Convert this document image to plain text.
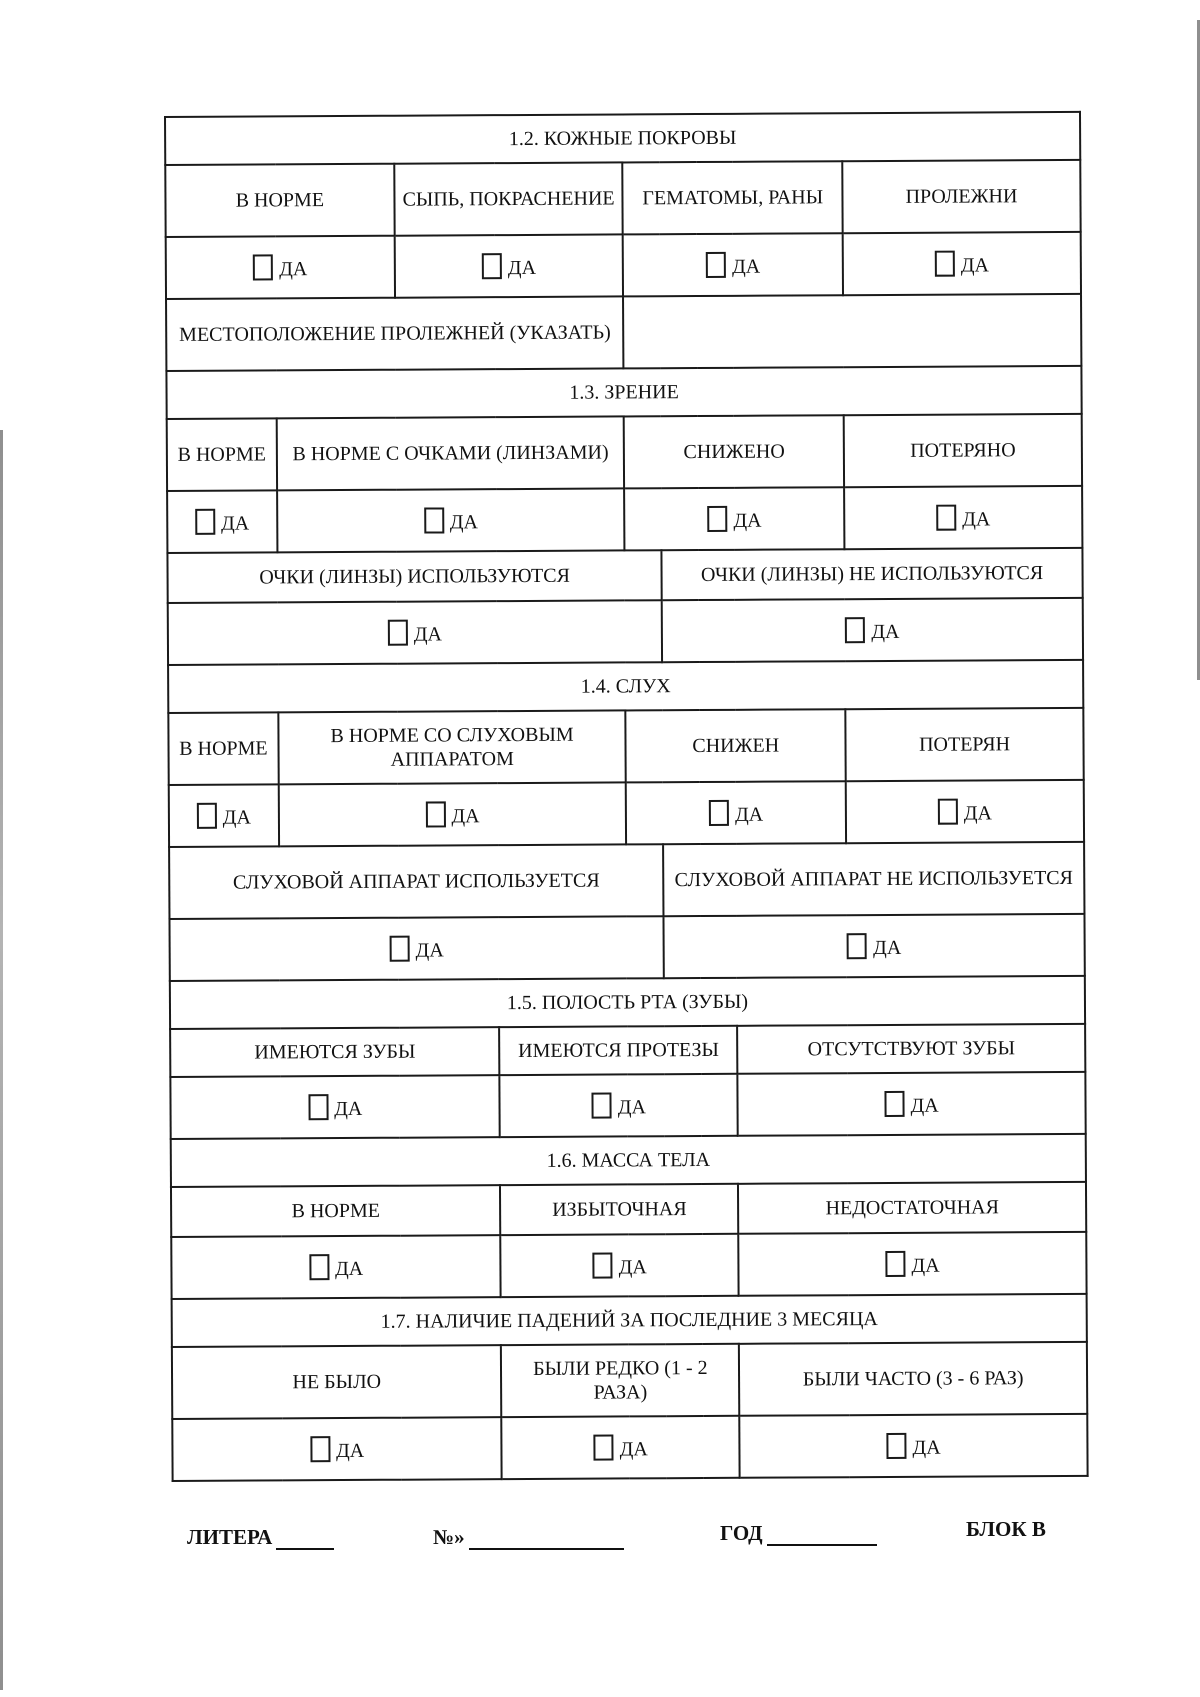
1.2. КОЖНЫЕ ПОКРОВЫ							
В НОРМЕ		СЫПЬ, ПОКРАСНЕНИЕ		ГЕМАТОМЫ, РАНЫ			ПРОЛЕЖНИ
ДА		ДА		ДА			ДА
МЕСТОПОЛОЖЕНИЕ ПРОЛЕЖНЕЙ (УКАЗАТЬ)							
1.3. ЗРЕНИЕ							
В НОРМЕ	В НОРМЕ С ОЧКАМИ (ЛИНЗАМИ)			СНИЖЕНО			ПОТЕРЯНО
ДА	ДА			ДА			ДА
ОЧКИ (ЛИНЗЫ) ИСПОЛЬЗУЮТСЯ					ОЧКИ (ЛИНЗЫ) НЕ ИСПОЛЬЗУЮТСЯ		
ДА					ДА		
1.4. СЛУХ							
В НОРМЕ	В НОРМЕ СО СЛУХОВЫМ АППАРАТОМ			СНИЖЕН			ПОТЕРЯН
ДА	ДА			ДА			ДА
СЛУХОВОЙ АППАРАТ ИСПОЛЬЗУЕТСЯ					СЛУХОВОЙ АППАРАТ НЕ ИСПОЛЬЗУЕТСЯ		
ДА					ДА		
1.5. ПОЛОСТЬ РТА (ЗУБЫ)							
ИМЕЮТСЯ ЗУБЫ			ИМЕЮТСЯ ПРОТЕЗЫ			ОТСУТСТВУЮТ ЗУБЫ	
ДА			ДА			ДА	
1.6. МАССА ТЕЛА							
В НОРМЕ			ИЗБЫТОЧНАЯ			НЕДОСТАТОЧНАЯ	
ДА			ДА			ДА	
1.7. НАЛИЧИЕ ПАДЕНИЙ ЗА ПОСЛЕДНИЕ 3 МЕСЯЦА							
НЕ БЫЛО			БЫЛИ РЕДКО (1 - 2 РАЗА)			БЫЛИ ЧАСТО (3 - 6 РАЗ)	
ДА			ДА			ДА	
ЛИТЕРА	№»	ГОД	БЛОК В
